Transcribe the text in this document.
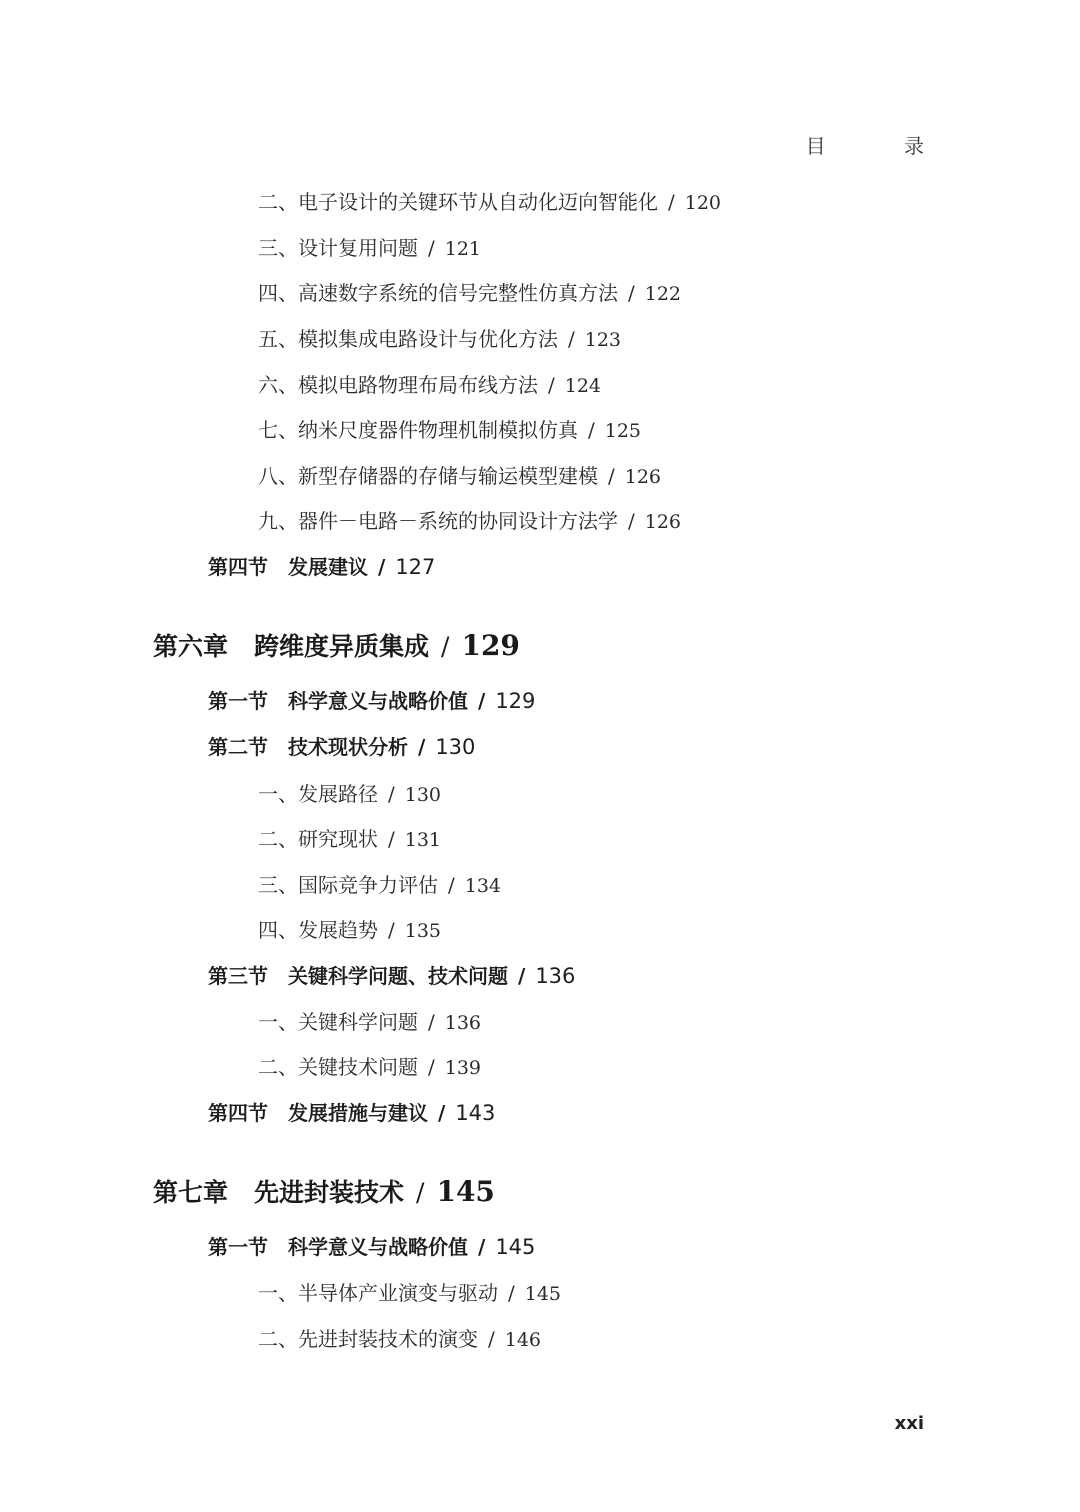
目 录
二、电子设计的关键环节从自动化迈向智能化 / 120
三、设计复用问题 / 121
四、高速数字系统的信号完整性仿真方法 / 122
五、模拟集成电路设计与优化方法 / 123
六、模拟电路物理布局布线方法 / 124
七、纳米尺度器件物理机制模拟仿真 / 125
八、新型存储器的存储与输运模型建模 / 126
九、器件－电路－系统的协同设计方法学 / 126
第四节 发展建议 / 127
第六章 跨维度异质集成 / 129
第一节 科学意义与战略价值 / 129
第二节 技术现状分析 / 130
一、发展路径 / 130
二、研究现状 / 131
三、国际竞争力评估 / 134
四、发展趋势 / 135
第三节 关键科学问题、技术问题 / 136
一、关键科学问题 / 136
二、关键技术问题 / 139
第四节 发展措施与建议 / 143
第七章 先进封装技术 / 145
第一节 科学意义与战略价值 / 145
一、半导体产业演变与驱动 / 145
二、先进封装技术的演变 / 146
xxi
